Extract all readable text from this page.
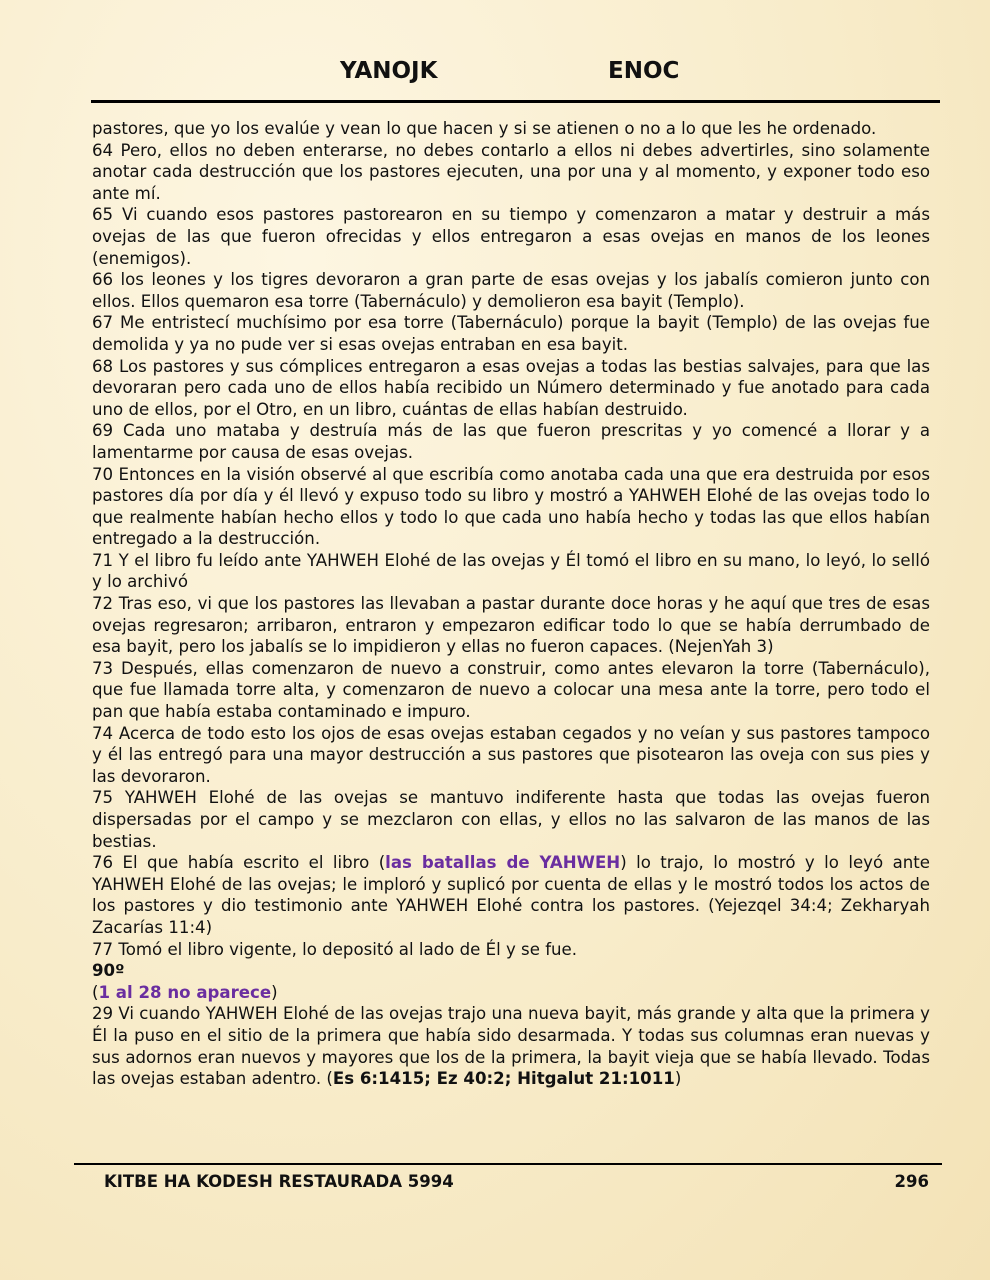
YANOJK	ENOC

pastores, que yo los evalúe y vean lo que hacen y si se atienen o no a lo que les he ordenado.

64 Pero, ellos no deben enterarse, no debes contarlo a ellos ni debes advertirles, sino solamente anotar cada destrucción que los pastores ejecuten, una por una y al momento, y exponer todo eso ante mí.

65 Vi cuando esos pastores pastorearon en su tiempo y comenzaron a matar y destruir a más ovejas de las que fueron ofrecidas y ellos entregaron a esas ovejas en manos de los leones (enemigos).

66 los leones y los tigres devoraron a gran parte de esas ovejas y los jabalís comieron junto con ellos. Ellos quemaron esa torre (Tabernáculo) y demolieron esa bayit (Templo).

67 Me entristecí muchísimo por esa torre (Tabernáculo) porque la bayit (Templo) de las ovejas fue demolida y ya no pude ver si esas ovejas entraban en esa bayit.

68 Los pastores y sus cómplices entregaron a esas ovejas a todas las bestias salvajes, para que las devoraran pero cada uno de ellos había recibido un Número determinado y fue anotado para cada uno de ellos, por el Otro, en un libro, cuántas de ellas habían destruido.

69 Cada uno mataba y destruía más de las que fueron prescritas y yo comencé a llorar y a lamentarme por causa de esas ovejas.

70 Entonces en la visión observé al que escribía como anotaba cada una que era destruida por esos pastores día por día y él llevó y expuso todo su libro y mostró a YAHWEH Elohé de las ovejas todo lo que realmente habían hecho ellos y todo lo que cada uno había hecho y todas las que ellos habían entregado a la destrucción.

71 Y el libro fu leído ante YAHWEH Elohé de las ovejas y Él tomó el libro en su mano, lo leyó, lo selló y lo archivó

72 Tras eso, vi que los pastores las llevaban a pastar durante doce horas y he aquí que tres de esas ovejas regresaron; arribaron, entraron y empezaron edificar todo lo que se había derrumbado de esa bayit, pero los jabalís se lo impidieron y ellas no fueron capaces. (NejenYah 3)

73 Después, ellas comenzaron de nuevo a construir, como antes elevaron la torre (Tabernáculo), que fue llamada torre alta, y comenzaron de nuevo a colocar una mesa ante la torre, pero todo el pan que había estaba contaminado e impuro.

74 Acerca de todo esto los ojos de esas ovejas estaban cegados y no veían y sus pastores tampoco y él las entregó para una mayor destrucción a sus pastores que pisotearon las oveja con sus pies y las devoraron.

75 YAHWEH Elohé de las ovejas se mantuvo indiferente hasta que todas las ovejas fueron dispersadas por el campo y se mezclaron con ellas, y ellos no las salvaron de las manos de las bestias.

76 El que había escrito el libro (las batallas de YAHWEH) lo trajo, lo mostró y lo leyó ante YAHWEH Elohé de las ovejas; le imploró y suplicó por cuenta de ellas y le mostró todos los actos de los pastores y dio testimonio ante YAHWEH Elohé contra los pastores. (Yejezqel 34:4; Zekharyah Zacarías 11:4)

77 Tomó el libro vigente, lo depositó al lado de Él y se fue.

90º

(1 al 28 no aparece)

29 Vi cuando YAHWEH Elohé de las ovejas trajo una nueva bayit, más grande y alta que la primera y Él la puso en el sitio de la primera que había sido desarmada. Y todas sus columnas eran nuevas y sus adornos eran nuevos y mayores que los de la primera, la bayit vieja que se había llevado. Todas las ovejas estaban adentro. (Es 6:1415; Ez 40:2; Hitgalut 21:1011)

KITBE HA KODESH RESTAURADA 5994	296
